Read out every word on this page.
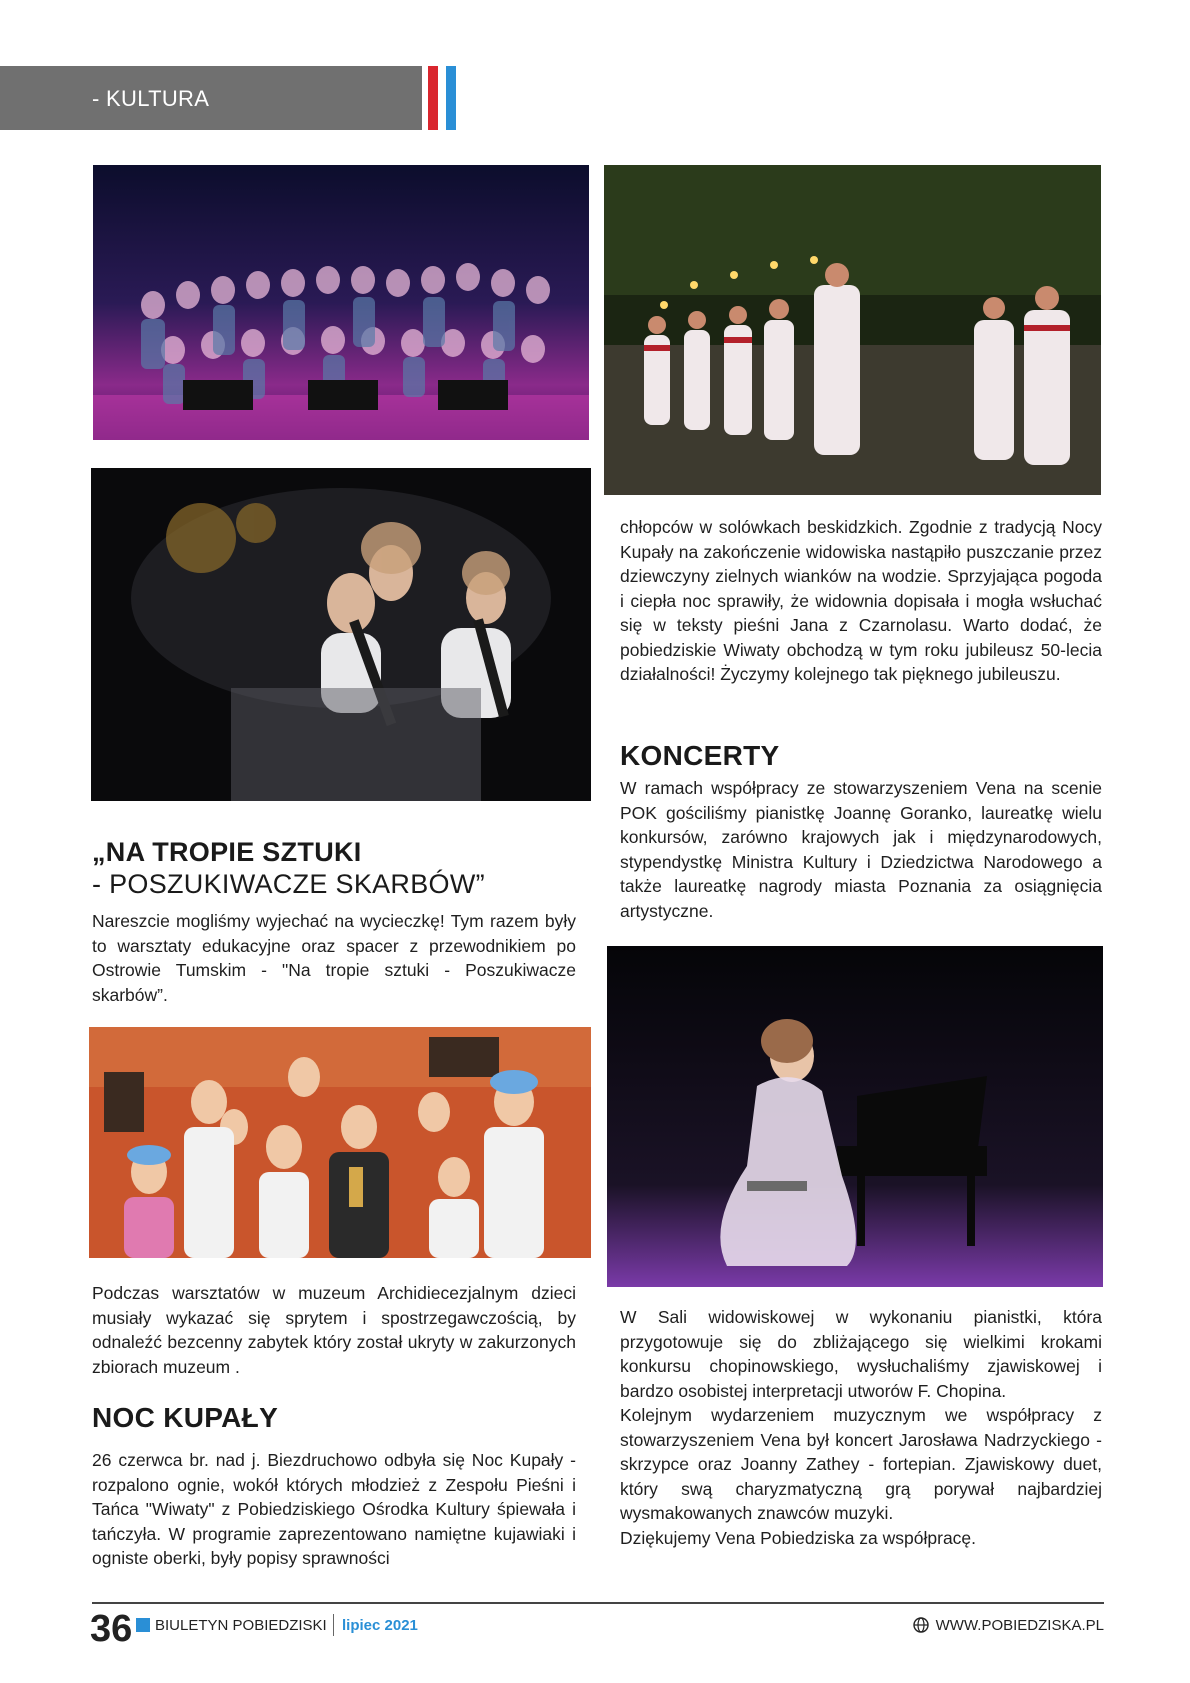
- KULTURA
„NA TROPIE SZTUKI
- POSZUKIWACZE SKARBÓW”

Nareszcie mogliśmy wyjechać na wycieczkę! Tym razem były to warsztaty edukacyjne oraz spacer z przewodnikiem po Ostrowie Tumskim - "Na tropie sztuki - Poszukiwacze skarbów”.

Podczas warsztatów w muzeum Archidiecezjalnym dzieci musiały wykazać się sprytem i spostrzegawczością, by odnaleźć bezcenny zabytek który został ukryty w zakurzonych zbiorach muzeum .

NOC KUPAŁY

26 czerwca br. nad j. Biezdruchowo odbyła się Noc Kupały - rozpalono ognie, wokół których młodzież z Zespołu Pieśni i Tańca "Wiwaty" z Pobiedziskiego Ośrodka Kultury śpiewała i tańczyła. W programie zaprezentowano namiętne kujawiaki i ogniste oberki, były popisy sprawności

chłopców w solówkach beskidzkich. Zgodnie z tradycją Nocy Kupały na zakończenie widowiska nastąpiło puszczanie przez dziewczyny zielnych wianków na wodzie. Sprzyjająca pogoda i ciepła noc sprawiły, że widownia dopisała i mogła wsłuchać się w teksty pieśni Jana z Czarnolasu. Warto dodać, że pobiedziskie Wiwaty obchodzą w tym roku jubileusz 50-lecia działalności! Życzymy kolejnego tak pięknego jubileuszu.

KONCERTY

W ramach współpracy ze stowarzyszeniem Vena na scenie POK gościliśmy pianistkę Joannę Goranko, laureatkę wielu konkursów, zarówno krajowych jak i międzynarodowych, stypendystkę Ministra Kultury i Dziedzictwa Narodowego a także laureatkę nagrody miasta Poznania za osiągnięcia artystyczne.

W Sali widowiskowej w wykonaniu pianistki, która przygotowuje się do zbliżającego się wielkimi krokami konkursu chopinowskiego, wysłuchaliśmy zjawiskowej i bardzo osobistej interpretacji utworów F. Chopina.

Kolejnym wydarzeniem muzycznym we współpracy z stowarzyszeniem Vena był koncert Jarosława Nadrzyckiego - skrzypce oraz Joanny Zathey - fortepian. Zjawiskowy duet, który swą charyzmatyczną grą porywał najbardziej wysmakowanych znawców muzyki.

Dziękujemy Vena Pobiedziska za współpracę.

36 BIULETYN POBIEDZISKI lipiec 2021	WWW.POBIEDZISKA.PL
